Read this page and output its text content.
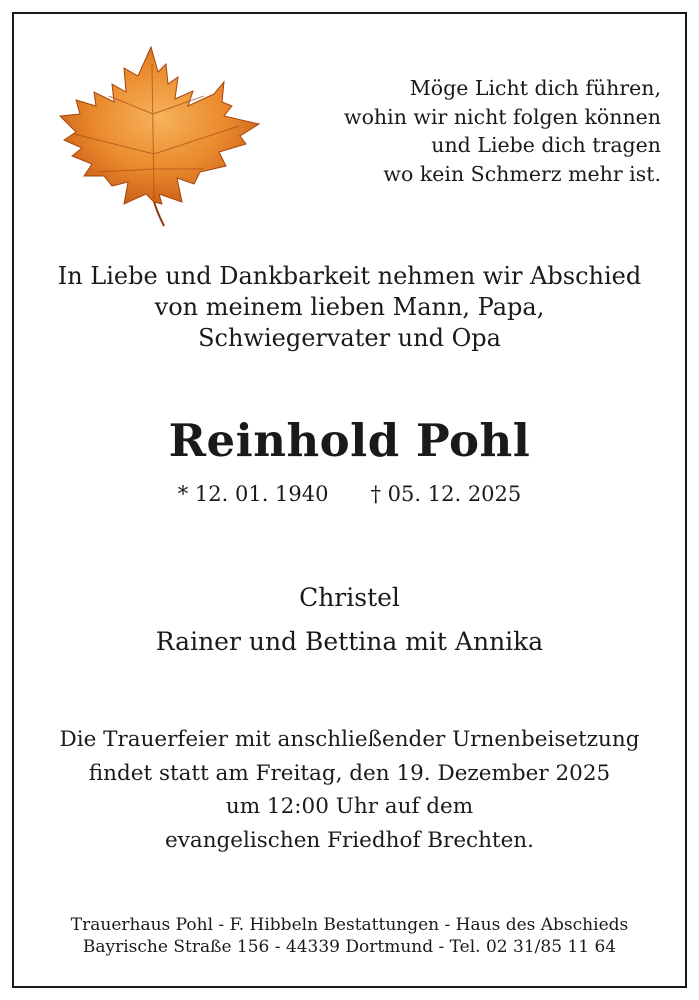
Möge Licht dich führen,
wohin wir nicht folgen können
und Liebe dich tragen
wo kein Schmerz mehr ist.
In Liebe und Dankbarkeit nehmen wir Abschied
von meinem lieben Mann, Papa,
Schwiegervater und Opa
Reinhold Pohl
* 12. 01. 1940 † 05. 12. 2025
Christel
Rainer und Bettina mit Annika
Die Trauerfeier mit anschließender Urnenbeisetzung
findet statt am Freitag, den 19. Dezember 2025
um 12:00 Uhr auf dem
evangelischen Friedhof Brechten.
Trauerhaus Pohl - F. Hibbeln Bestattungen - Haus des Abschieds
Bayrische Straße 156 - 44339 Dortmund - Tel. 02 31/85 11 64
